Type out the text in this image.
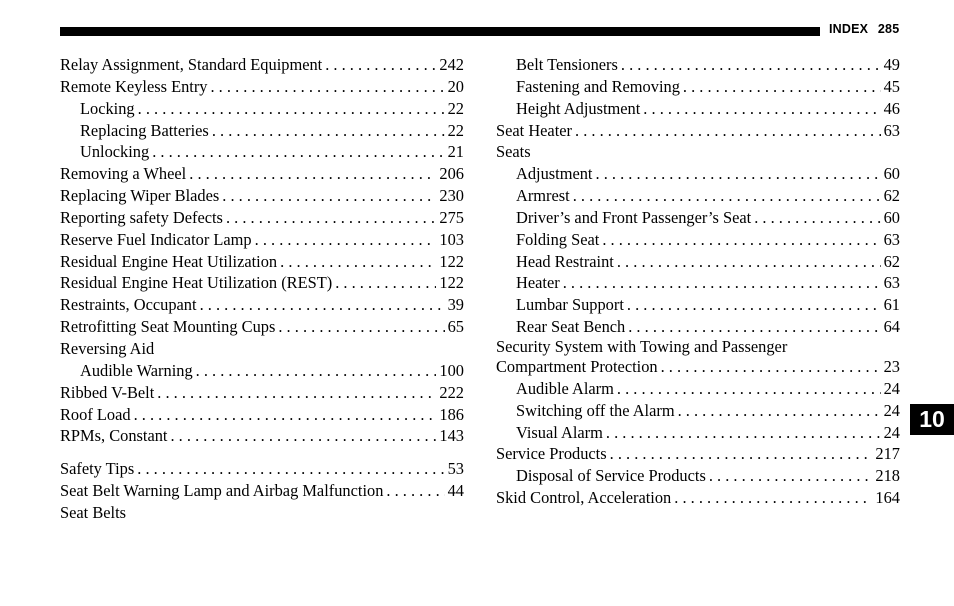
INDEX 285
Relay Assignment, Standard Equipment . . .	242
Remote Keyless Entry . . .	20
Locking . . .	22
Replacing Batteries . . .	22
Unlocking . . .	21
Removing a Wheel . . .	206
Replacing Wiper Blades . . .	230
Reporting safety Defects . . .	275
Reserve Fuel Indicator Lamp . . .	103
Residual Engine Heat Utilization . . .	122
Residual Engine Heat Utilization (REST) . . .	122
Restraints, Occupant . . .	39
Retrofitting Seat Mounting Cups . . .	65
Reversing Aid
Audible Warning . . .	100
Ribbed V-Belt . . .	222
Roof Load . . .	186
RPMs, Constant . . .	143
Safety Tips . . .	53
Seat Belt Warning Lamp and Airbag Malfunction . . .	44
Seat Belts
Belt Tensioners . . .	49
Fastening and Removing . . .	45
Height Adjustment . . .	46
Seat Heater . . .	63
Seats
Adjustment . . .	60
Armrest . . .	62
Driver’s and Front Passenger’s Seat . . .	60
Folding Seat . . .	63
Head Restraint . . .	62
Heater . . .	63
Lumbar Support . . .	61
Rear Seat Bench . . .	64
Security System with Towing and Passenger
Compartment Protection . . .	23
Audible Alarm . . .	24
Switching off the Alarm . . .	24
Visual Alarm . . .	24
Service Products . . .	217
Disposal of Service Products . . .	218
Skid Control, Acceleration . . .	164
10
